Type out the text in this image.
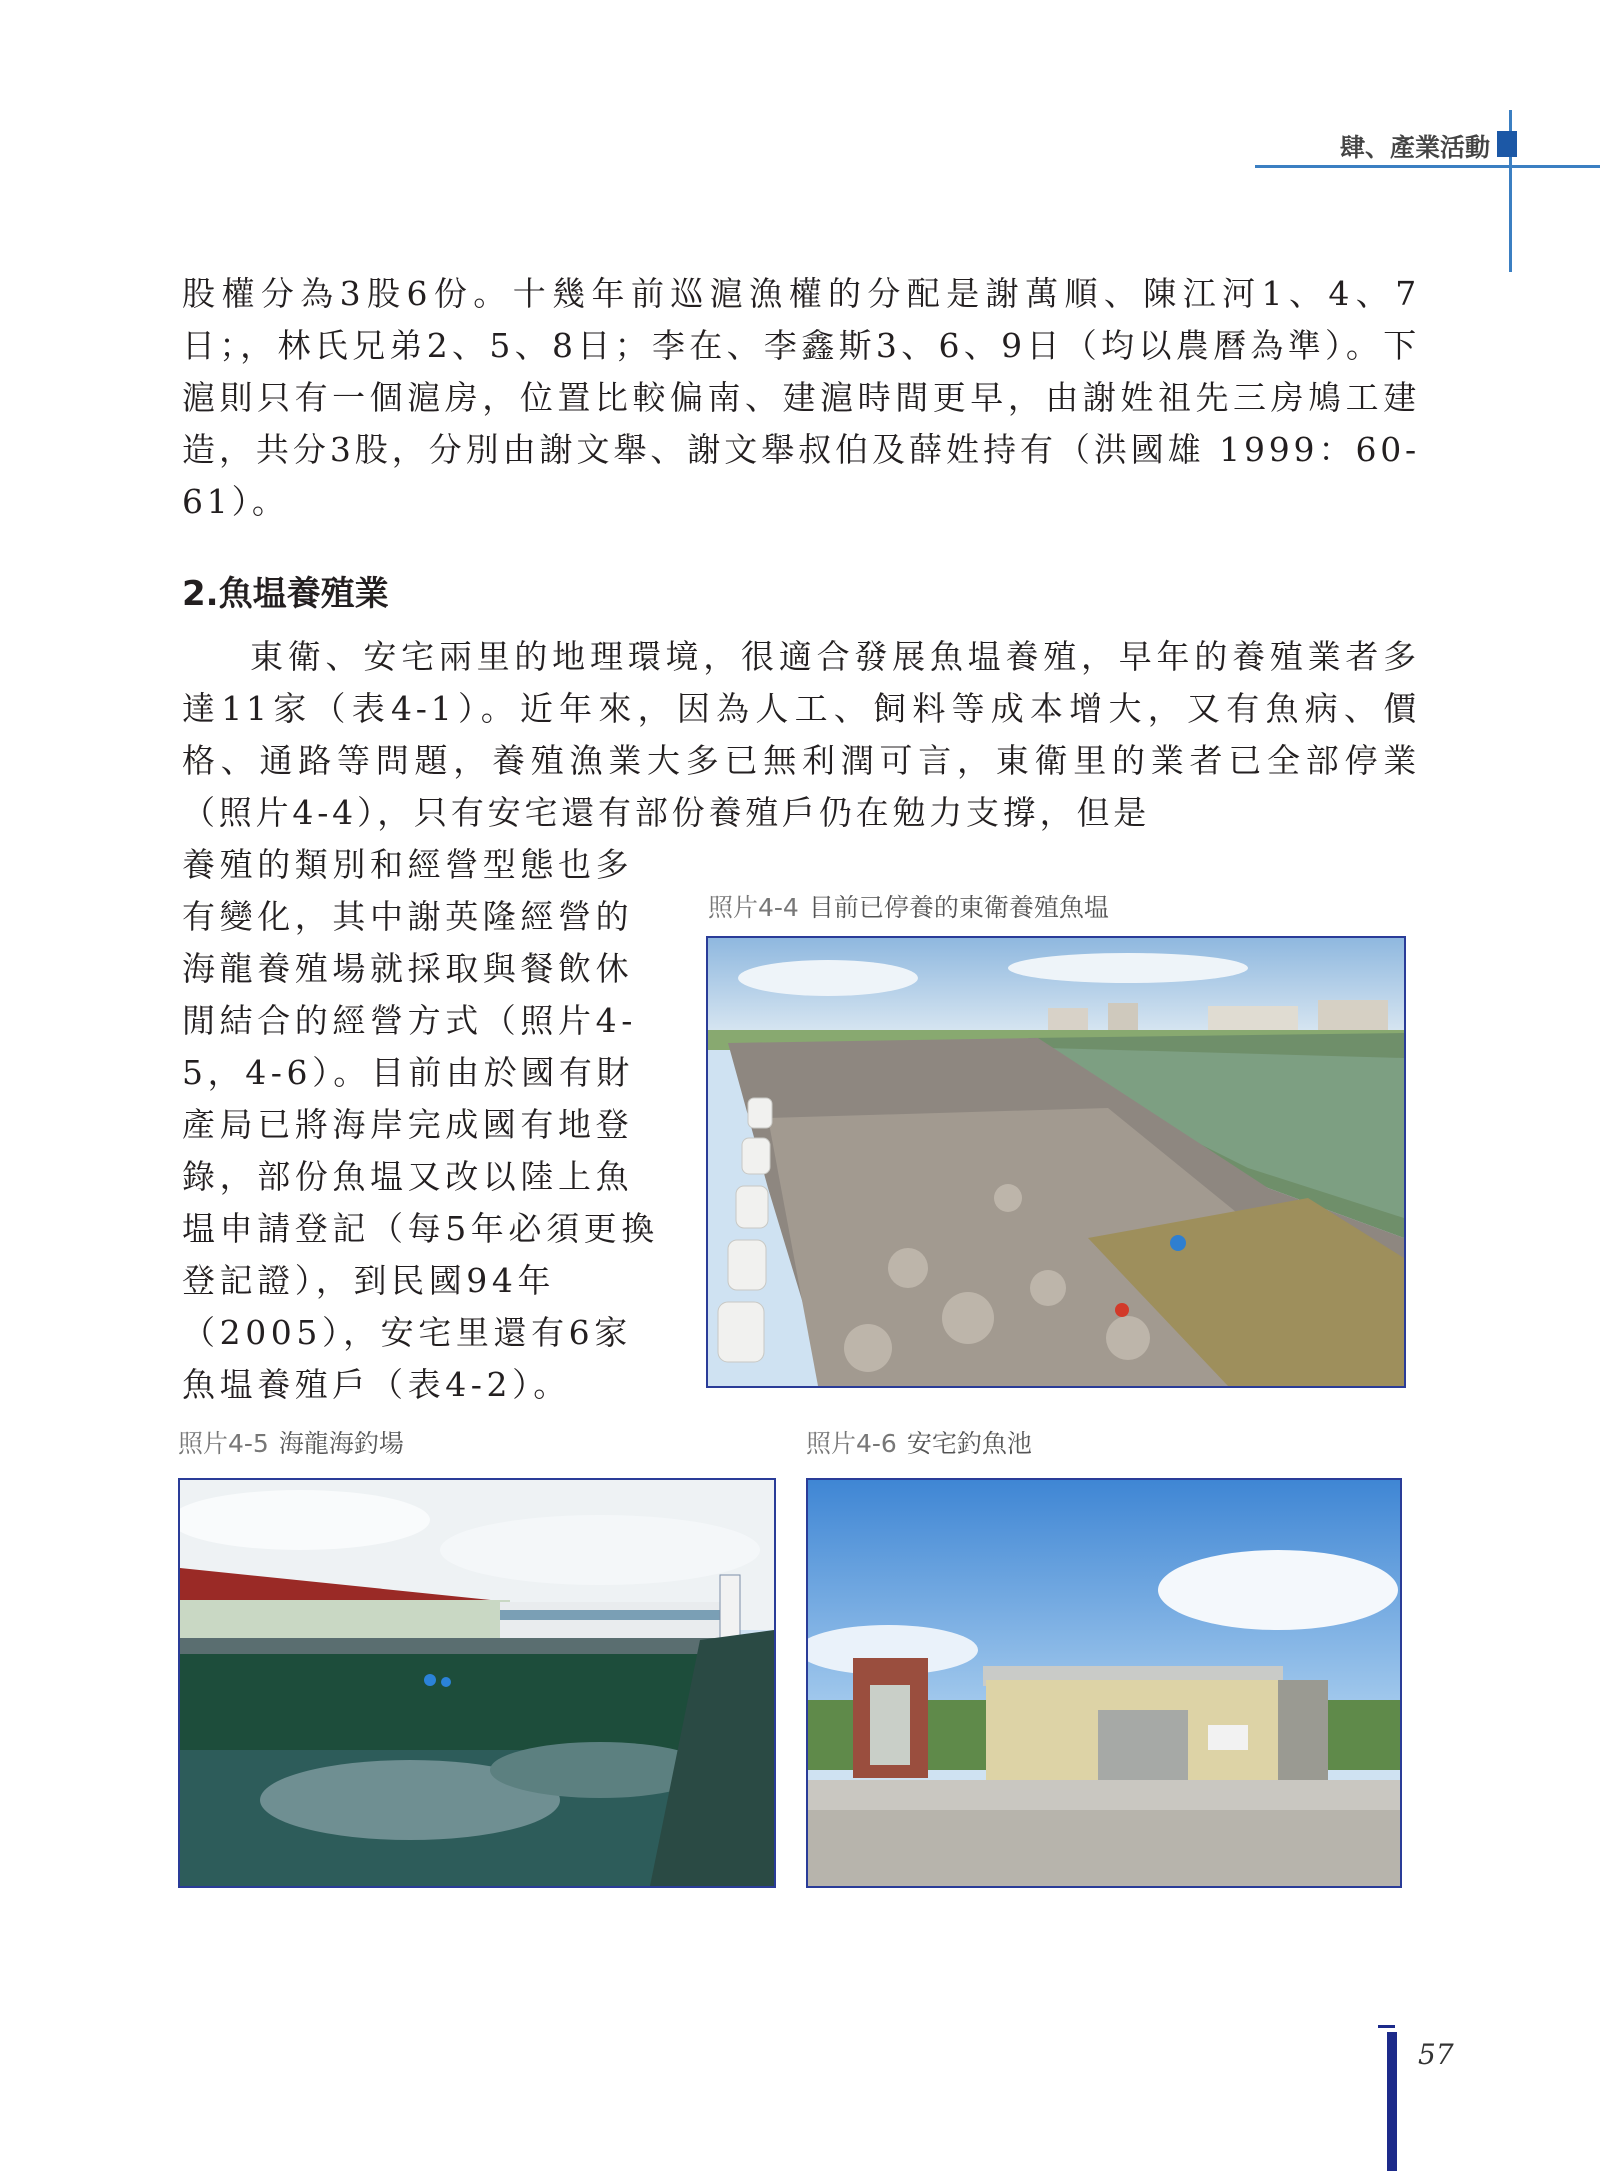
肆、產業活動

股權分為3股6份。十幾年前巡滬漁權的分配是謝萬順、陳江河1、4、7日；，林氏兄弟2、5、8日；李在、李鑫斯3、6、9日（均以農曆為準）。下滬則只有一個滬房，位置比較偏南、建滬時間更早，由謝姓祖先三房鳩工建造，共分3股，分別由謝文舉、謝文舉叔伯及薛姓持有（洪國雄 1999：60-61）。

2.魚塭養殖業

東衛、安宅兩里的地理環境，很適合發展魚塭養殖，早年的養殖業者多達11家（表4-1）。近年來，因為人工、飼料等成本增大，又有魚病、價格、通路等問題，養殖漁業大多已無利潤可言，東衛里的業者已全部停業（照片4-4），只有安宅還有部份養殖戶仍在勉力支撐，但是

養殖的類別和經營型態也多有變化，其中謝英隆經營的海龍養殖場就採取與餐飲休閒結合的經營方式（照片4-5，4-6）。目前由於國有財產局已將海岸完成國有地登錄，部份魚塭又改以陸上魚塭申請登記（每5年必須更換登記證），到民國94年（2005），安宅里還有6家魚塭養殖戶（表4-2）。

照片4-4 目前已停養的東衛養殖魚塭
照片4-5 海龍海釣場	照片4-6 安宅釣魚池
57
